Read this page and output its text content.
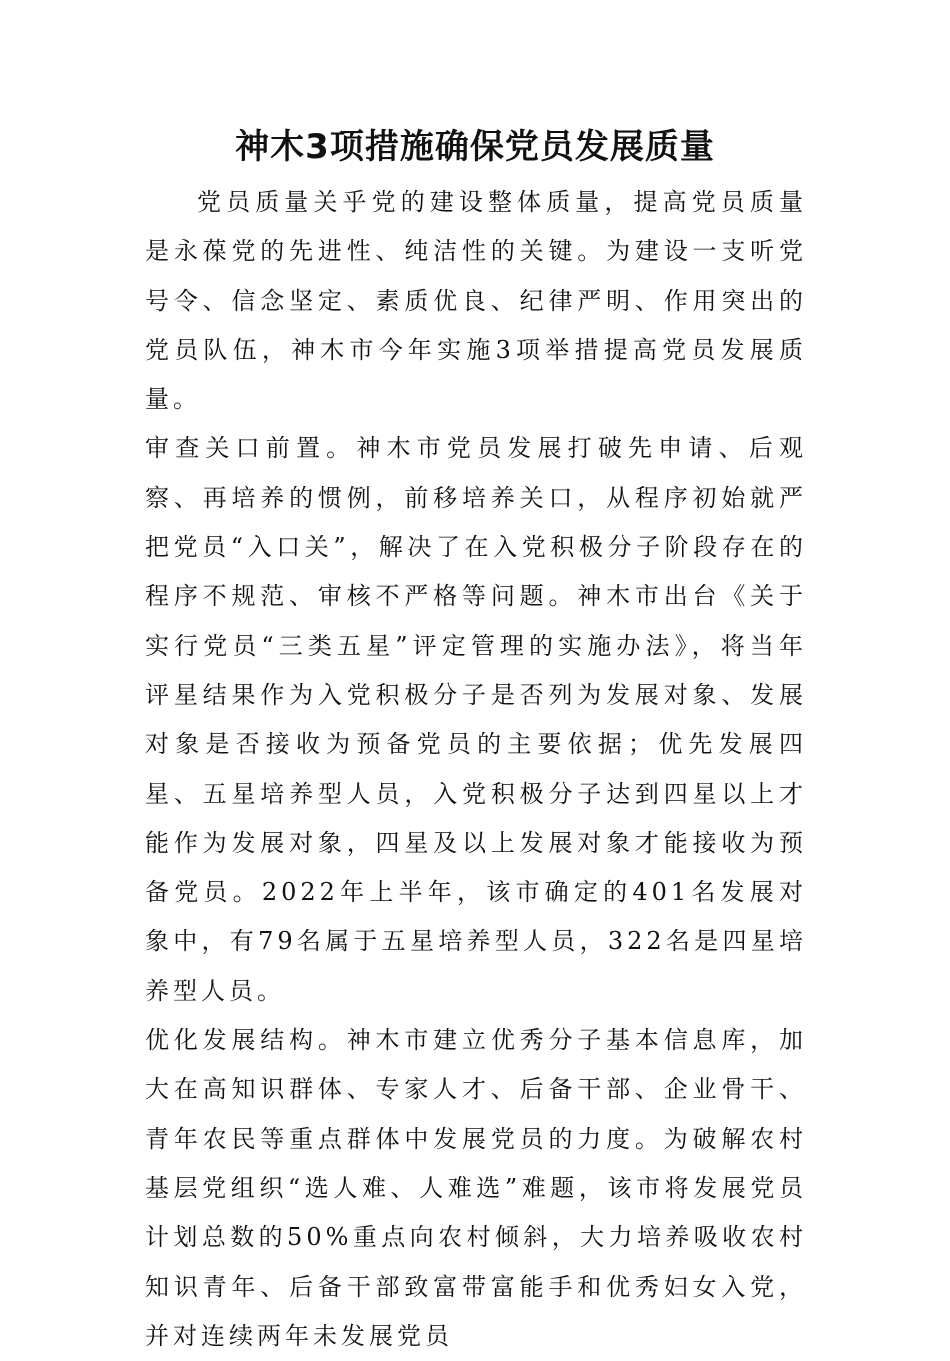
神木3项措施确保党员发展质量

党员质量关乎党的建设整体质量，提高党员质量是永葆党的先进性、纯洁性的关键。为建设一支听党号令、信念坚定、素质优良、纪律严明、作用突出的党员队伍，神木市今年实施3项举措提高党员发展质量。

审查关口前置。神木市党员发展打破先申请、后观察、再培养的惯例，前移培养关口，从程序初始就严把党员“入口关”，解决了在入党积极分子阶段存在的程序不规范、审核不严格等问题。神木市出台《关于实行党员“三类五星”评定管理的实施办法》，将当年评星结果作为入党积极分子是否列为发展对象、发展对象是否接收为预备党员的主要依据；优先发展四星、五星培养型人员，入党积极分子达到四星以上才能作为发展对象，四星及以上发展对象才能接收为预备党员。2022年上半年，该市确定的401名发展对象中，有79名属于五星培养型人员，322名是四星培养型人员。

优化发展结构。神木市建立优秀分子基本信息库，加大在高知识群体、专家人才、后备干部、企业骨干、青年农民等重点群体中发展党员的力度。为破解农村基层党组织“选人难、人难选”难题，该市将发展党员计划总数的50%重点向农村倾斜，大力培养吸收农村知识青年、后备干部致富带富能手和优秀妇女入党，并对连续两年未发展党员
